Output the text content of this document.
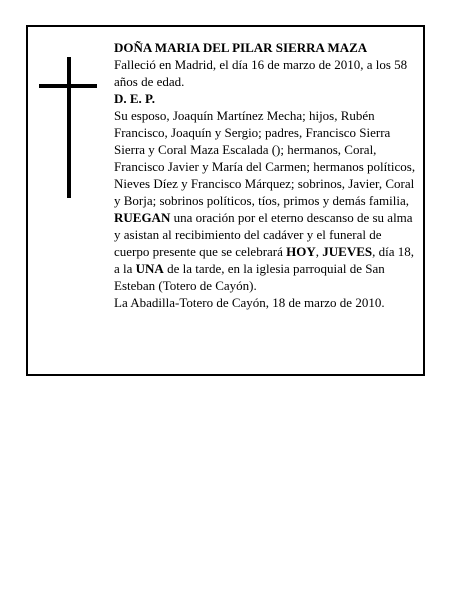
DOÑA MARIA DEL PILAR SIERRA MAZA

Falleció en Madrid, el día 16 de marzo de 2010, a los 58 años de edad.

D. E. P.

Su esposo, Joaquín Martínez Mecha; hijos, Rubén Francisco, Joaquín y Sergio; padres, Francisco Sierra Sierra y Coral Maza Escalada (); hermanos, Coral, Francisco Javier y María del Carmen; hermanos políticos, Nieves Díez y Francisco Márquez; sobrinos, Javier, Coral y Borja; sobrinos políticos, tíos, primos y demás familia,

RUEGAN una oración por el eterno descanso de su alma y asistan al recibimiento del cadáver y el funeral de cuerpo presente que se celebrará HOY, JUEVES, día 18, a la UNA de la tarde, en la iglesia parroquial de San Esteban (Totero de Cayón).

La Abadilla-Totero de Cayón, 18 de marzo de 2010.
